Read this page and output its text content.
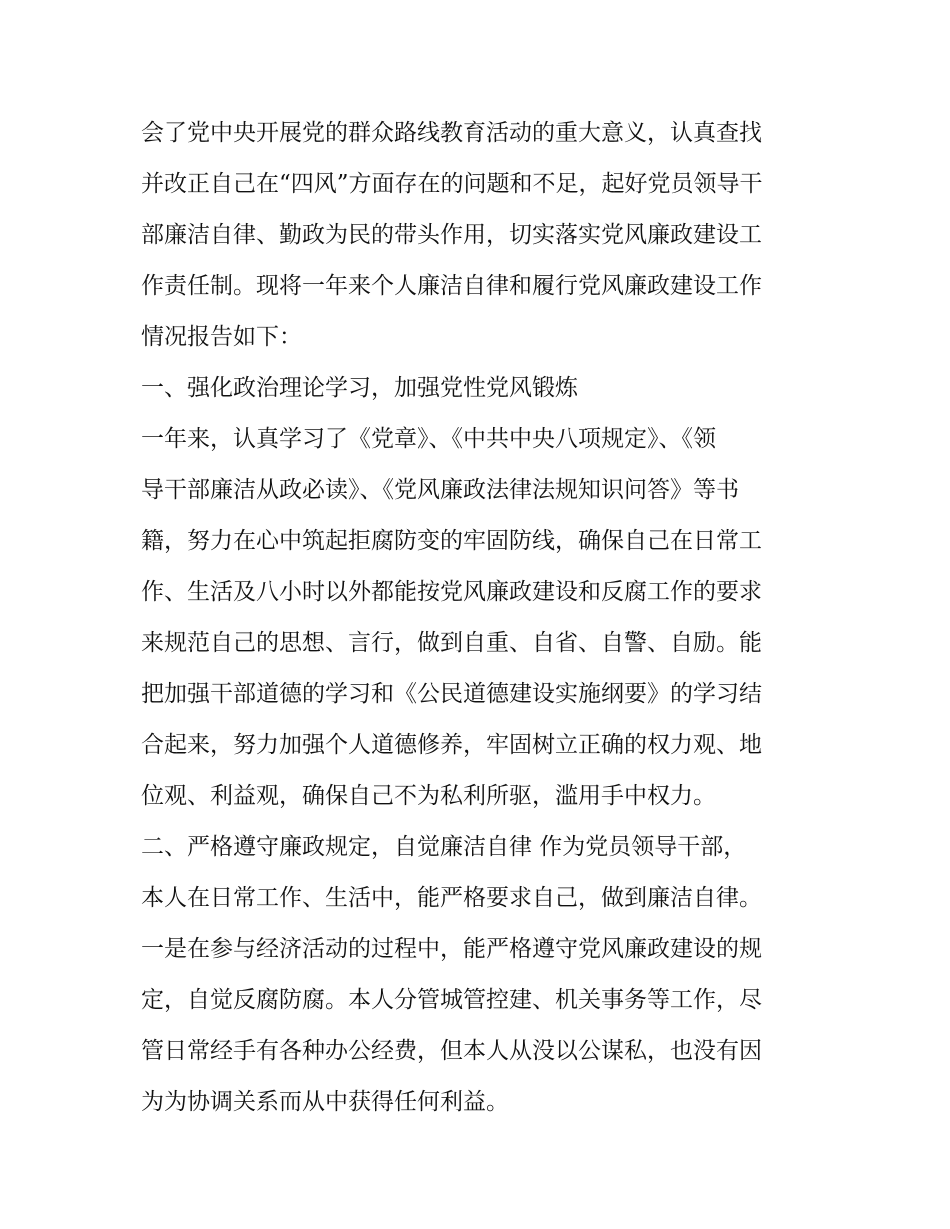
会了党中央开展党的群众路线教育活动的重大意义，认真查找
并改正自己在“四风”方面存在的问题和不足，起好党员领导干
部廉洁自律、勤政为民的带头作用，切实落实党风廉政建设工
作责任制。现将一年来个人廉洁自律和履行党风廉政建设工作
情况报告如下：
一、强化政治理论学习，加强党性党风锻炼
一年来，认真学习了《党章》、《中共中央八项规定》、《领
导干部廉洁从政必读》、《党风廉政法律法规知识问答》等书
籍，努力在心中筑起拒腐防变的牢固防线，确保自己在日常工
作、生活及八小时以外都能按党风廉政建设和反腐工作的要求
来规范自己的思想、言行，做到自重、自省、自警、自励。能
把加强干部道德的学习和《公民道德建设实施纲要》的学习结
合起来，努力加强个人道德修养，牢固树立正确的权力观、地
位观、利益观，确保自己不为私利所驱，滥用手中权力。
二、严格遵守廉政规定，自觉廉洁自律 作为党员领导干部，
本人在日常工作、生活中，能严格要求自己，做到廉洁自律。
一是在参与经济活动的过程中，能严格遵守党风廉政建设的规
定，自觉反腐防腐。本人分管城管控建、机关事务等工作，尽
管日常经手有各种办公经费，但本人从没以公谋私，也没有因
为为协调关系而从中获得任何利益。
